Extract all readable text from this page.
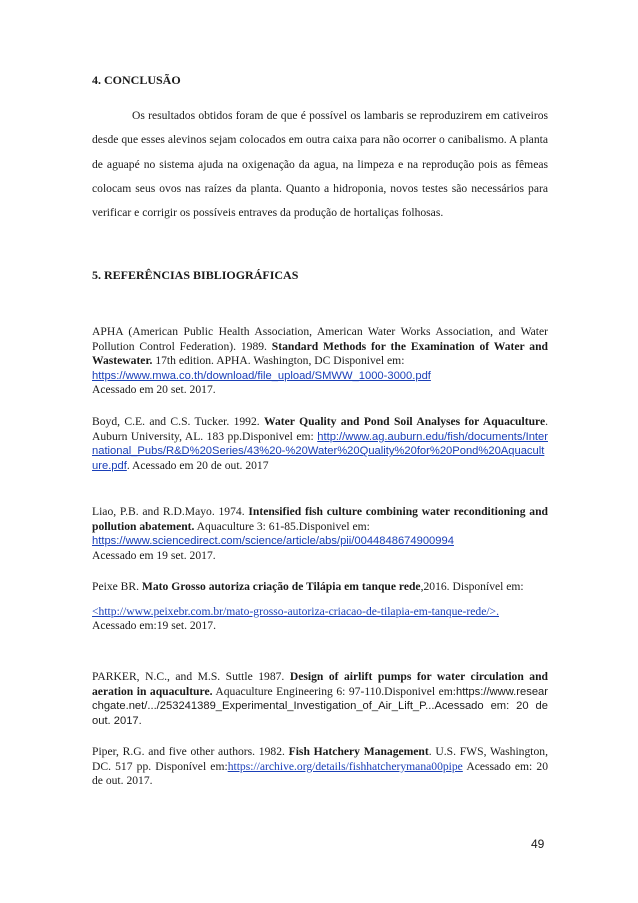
4. CONCLUSÃO

Os resultados obtidos foram de que é possível os lambaris se reproduzirem em cativeiros desde que esses alevinos sejam colocados em outra caixa para não ocorrer o canibalismo. A planta de aguapé no sistema ajuda na oxigenação da agua, na limpeza e na reprodução pois as fêmeas colocam seus ovos nas raízes da planta. Quanto a hidroponia, novos testes são necessários para verificar e corrigir os possíveis entraves da produção de hortaliças folhosas.

5. REFERÊNCIAS BIBLIOGRÁFICAS
APHA (American Public Health Association, American Water Works Association, and Water Pollution Control Federation). 1989. Standard Methods for the Examination of Water and Wastewater. 17th edition. APHA. Washington, DC Disponivel em:
https://www.mwa.co.th/download/file_upload/SMWW_1000-3000.pdf
Acessado em 20 set. 2017.
Boyd, C.E. and C.S. Tucker. 1992. Water Quality and Pond Soil Analyses for Aquaculture. Auburn University, AL. 183 pp.Disponivel em: http://www.ag.auburn.edu/fish/documents/International_Pubs/R&D%20Series/43%20-%20Water%20Quality%20for%20Pond%20Aquaculture.pdf. Acessado em 20 de out. 2017
Liao, P.B. and R.D.Mayo. 1974. Intensified fish culture combining water reconditioning and pollution abatement. Aquaculture 3: 61-85.Disponivel em:
https://www.sciencedirect.com/science/article/abs/pii/0044848674900994
Acessado em 19 set. 2017.
Peixe BR. Mato Grosso autoriza criação de Tilápia em tanque rede,2016. Disponível em:
<http://www.peixebr.com.br/mato-grosso-autoriza-criacao-de-tilapia-em-tanque-rede/>.
Acessado em:19 set. 2017.
PARKER, N.C., and M.S. Suttle 1987. Design of airlift pumps for water circulation and aeration in aquaculture. Aquaculture Engineering 6: 97-110.Disponivel em:https://www.researchgate.net/.../253241389_Experimental_Investigation_of_Air_Lift_P...Acessado em: 20 de out. 2017.
Piper, R.G. and five other authors. 1982. Fish Hatchery Management. U.S. FWS, Washington, DC. 517 pp. Disponível em:https://archive.org/details/fishhatcherymana00pipe Acessado em: 20 de out. 2017.
49
